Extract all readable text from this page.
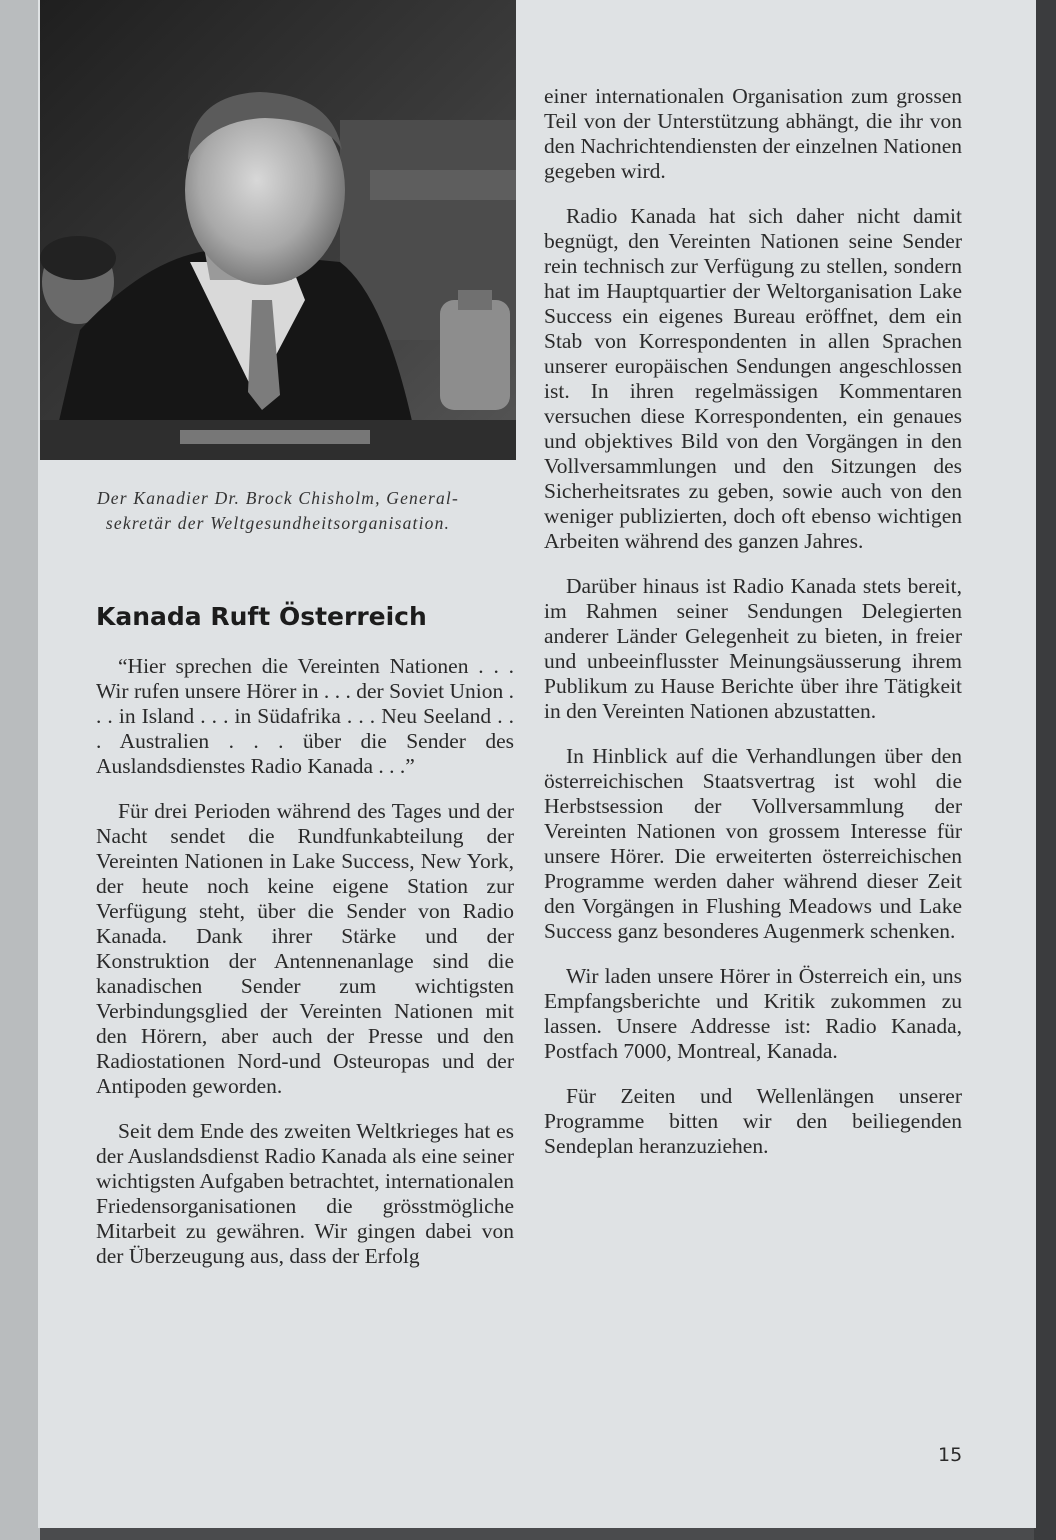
Der Kanadier Dr. Brock Chisholm, General-

sekretär der Weltgesundheitsorganisation.

Kanada Ruft Österreich

“Hier sprechen die Vereinten Nationen . . . Wir rufen unsere Hörer in . . . der Soviet Union . . . in Island . . . in Südafrika . . . Neu Seeland . . . Australien . . . über die Sender des Auslandsdienstes Radio Kanada . . .”

Für drei Perioden während des Tages und der Nacht sendet die Rundfunkabteilung der Vereinten Nationen in Lake Success, New York, der heute noch keine eigene Station zur Verfügung steht, über die Sender von Radio Kanada. Dank ihrer Stärke und der Konstruktion der Antennenanlage sind die kanadischen Sender zum wichtigsten Verbindungsglied der Vereinten Nationen mit den Hörern, aber auch der Presse und den Radiostationen Nord-und Osteuropas und der Antipoden geworden.

Seit dem Ende des zweiten Weltkrieges hat es der Auslandsdienst Radio Kanada als eine seiner wichtigsten Aufgaben betrachtet, internationalen Friedensorganisationen die grösstmögliche Mitarbeit zu gewähren. Wir gingen dabei von der Überzeugung aus, dass der Erfolg

einer internationalen Organisation zum grossen Teil von der Unterstützung abhängt, die ihr von den Nachrichtendiensten der einzelnen Nationen gegeben wird.

Radio Kanada hat sich daher nicht damit begnügt, den Vereinten Nationen seine Sender rein technisch zur Verfügung zu stellen, sondern hat im Hauptquartier der Weltorganisation Lake Success ein eigenes Bureau eröffnet, dem ein Stab von Korrespondenten in allen Sprachen unserer europäischen Sendungen angeschlossen ist. In ihren regelmässigen Kommentaren versuchen diese Korrespondenten, ein genaues und objektives Bild von den Vorgängen in den Vollversammlungen und den Sitzungen des Sicherheitsrates zu geben, sowie auch von den weniger publizierten, doch oft ebenso wichtigen Arbeiten während des ganzen Jahres.

Darüber hinaus ist Radio Kanada stets bereit, im Rahmen seiner Sendungen Delegierten anderer Länder Gelegenheit zu bieten, in freier und unbeeinflusster Meinungsäusserung ihrem Publikum zu Hause Berichte über ihre Tätigkeit in den Vereinten Nationen abzustatten.

In Hinblick auf die Verhandlungen über den österreichischen Staatsvertrag ist wohl die Herbstsession der Vollversammlung der Vereinten Nationen von grossem Interesse für unsere Hörer. Die erweiterten österreichischen Programme werden daher während dieser Zeit den Vorgängen in Flushing Meadows und Lake Success ganz besonderes Augenmerk schenken.

Wir laden unsere Hörer in Österreich ein, uns Empfangsberichte und Kritik zukommen zu lassen. Unsere Addresse ist: Radio Kanada, Postfach 7000, Montreal, Kanada.

Für Zeiten und Wellenlängen unserer Programme bitten wir den beiliegenden Sendeplan heranzuziehen.

15
